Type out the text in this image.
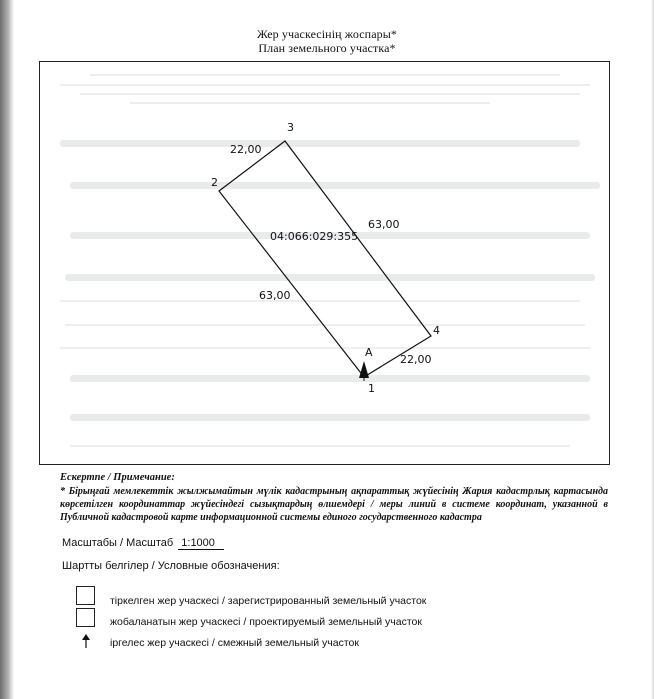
Жер учаскесінің жоспары*
План земельного участка*
04:066:029:355
3
2
4
1
22,00
63,00
63,00
22,00
A
Ескертпе / Примечание:
* Бірыңғай мемлекеттік жылжымайтын мүлік кадастрының ақпараттық жүйесінің Жария кадастрлық картасында көрсетілген координаттар жүйесіндегі сызықтардың өлшемдері / меры линий в системе координат, указанной в Публичной кадастровой карте информационной системы единого государственного кадастра
Масштабы / Масштаб 1:1000
Шартты белгілер / Условные обозначения:
тіркелген жер учаскесі / зарегистрированный земельный участок
жобаланатын жер учаскесі / проектируемый земельный участок
іргелес жер учаскесі / смежный земельный участок
